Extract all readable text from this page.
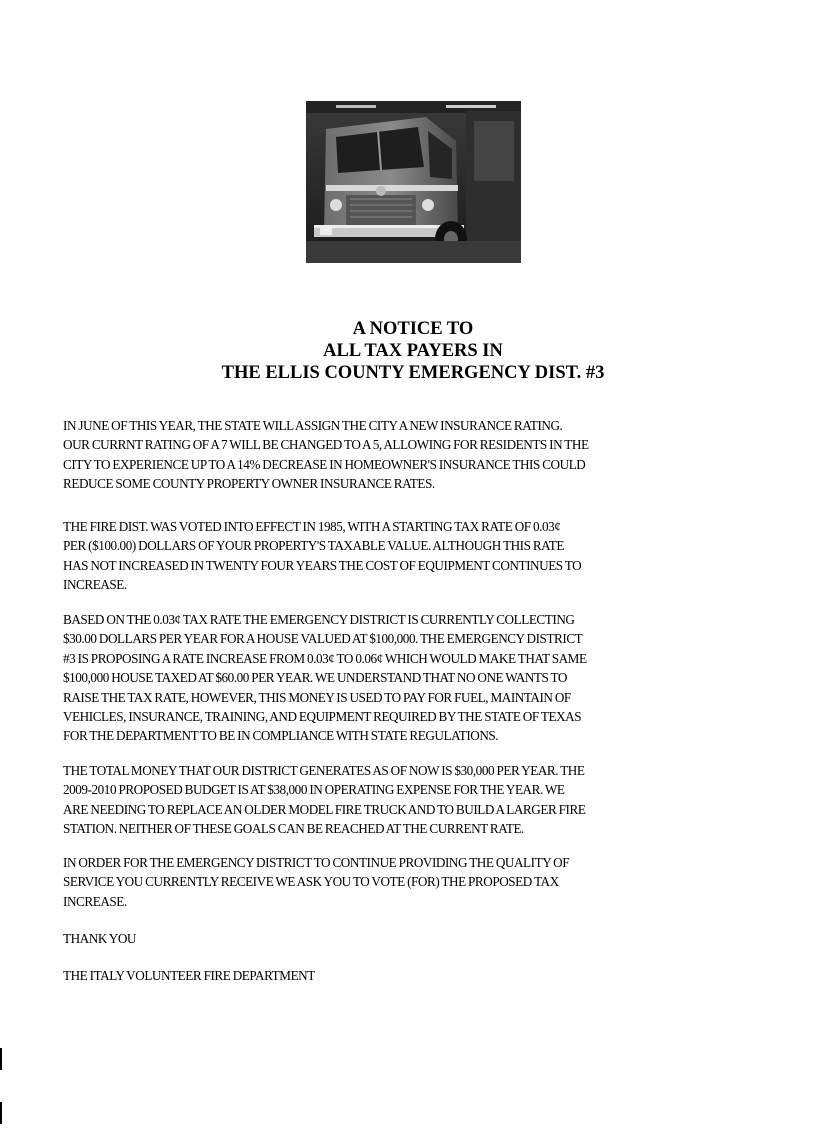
A NOTICE TO
ALL TAX PAYERS IN
THE ELLIS COUNTY EMERGENCY DIST. #3
IN JUNE OF THIS YEAR, THE STATE WILL ASSIGN THE CITY A NEW INSURANCE RATING.
OUR CURRNT RATING OF A 7 WILL BE CHANGED TO A 5, ALLOWING FOR RESIDENTS IN THE
CITY TO EXPERIENCE UP TO A 14% DECREASE IN HOMEOWNER'S INSURANCE THIS COULD
REDUCE SOME COUNTY PROPERTY OWNER INSURANCE RATES.
THE FIRE DIST. WAS VOTED INTO EFFECT IN 1985, WITH A STARTING TAX RATE OF 0.03¢
PER ($100.00) DOLLARS OF YOUR PROPERTY'S TAXABLE VALUE. ALTHOUGH THIS RATE
HAS NOT INCREASED IN TWENTY FOUR YEARS THE COST OF EQUIPMENT CONTINUES TO
INCREASE.
BASED ON THE 0.03¢ TAX RATE THE EMERGENCY DISTRICT IS CURRENTLY COLLECTING
$30.00 DOLLARS PER YEAR FOR A HOUSE VALUED AT $100,000. THE EMERGENCY DISTRICT
#3 IS PROPOSING A RATE INCREASE FROM 0.03¢ TO 0.06¢ WHICH WOULD MAKE THAT SAME
$100,000 HOUSE TAXED AT $60.00 PER YEAR. WE UNDERSTAND THAT NO ONE WANTS TO
RAISE THE TAX RATE, HOWEVER, THIS MONEY IS USED TO PAY FOR FUEL, MAINTAIN OF
VEHICLES, INSURANCE, TRAINING, AND EQUIPMENT REQUIRED BY THE STATE OF TEXAS
FOR THE DEPARTMENT TO BE IN COMPLIANCE WITH STATE REGULATIONS.
THE TOTAL MONEY THAT OUR DISTRICT GENERATES AS OF NOW IS $30,000 PER YEAR. THE
2009-2010 PROPOSED BUDGET IS AT $38,000 IN OPERATING EXPENSE FOR THE YEAR. WE
ARE NEEDING TO REPLACE AN OLDER MODEL FIRE TRUCK AND TO BUILD A LARGER FIRE
STATION. NEITHER OF THESE GOALS CAN BE REACHED AT THE CURRENT RATE.
IN ORDER FOR THE EMERGENCY DISTRICT TO CONTINUE PROVIDING THE QUALITY OF
SERVICE YOU CURRENTLY RECEIVE WE ASK YOU TO VOTE (FOR) THE PROPOSED TAX
INCREASE.
THANK YOU
THE ITALY VOLUNTEER FIRE DEPARTMENT
